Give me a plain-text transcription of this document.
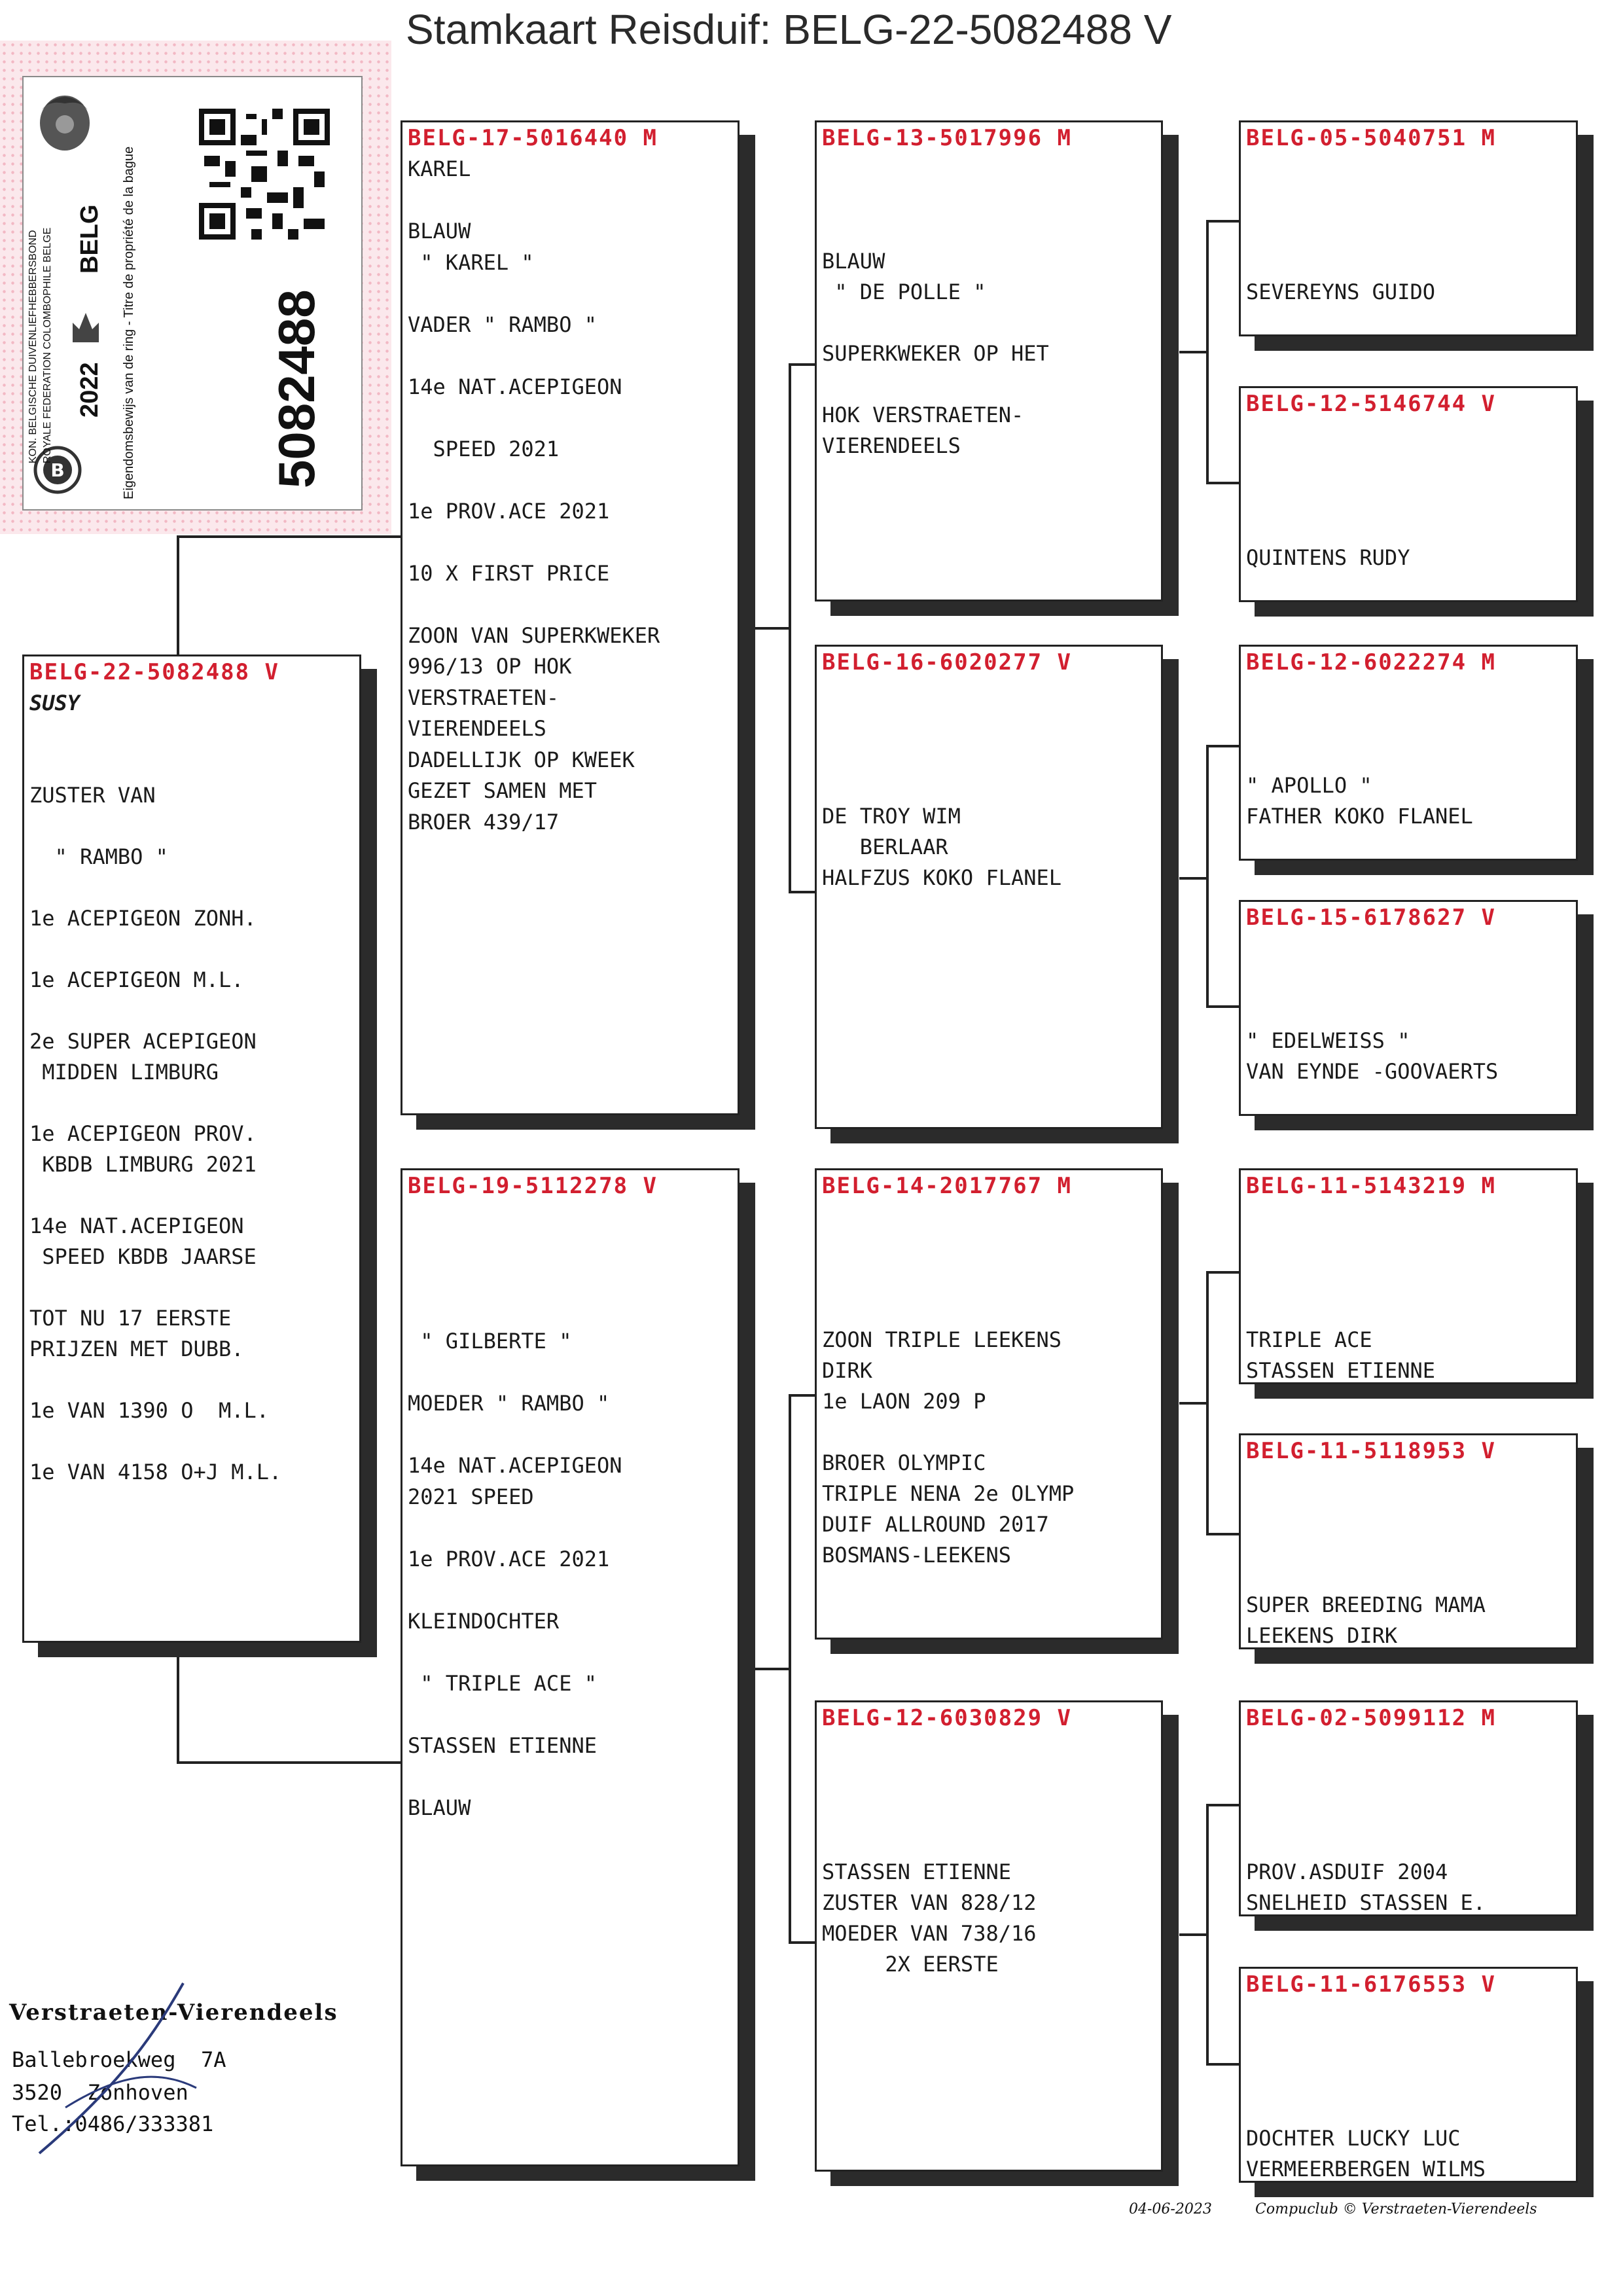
Stamkaart Reisduif: BELG-22-5082488 V
B
KON. BELGISCHE DUIVENLIEFHEBBERSBOND ROYALE FEDERATION COLOMBOPHILE BELGE 2022
BELG Eigendomsbewijs van de ring - Titre de propriété de la bague	5082488
BELG-22-5082488 V
SUSY
ZUSTER VAN
" RAMBO "
1e ACEPIGEON ZONH.
1e ACEPIGEON M.L.
2e SUPER ACEPIGEON
MIDDEN LIMBURG
1e ACEPIGEON PROV.
KBDB LIMBURG 2021
14e NAT.ACEPIGEON
SPEED KBDB JAARSE
TOT NU 17 EERSTE
PRIJZEN MET DUBB.
1e VAN 1390 O  M.L.
1e VAN 4158 O+J M.L.
BELG-17-5016440 M
KAREL
BLAUW
" KAREL "
VADER " RAMBO "
14e NAT.ACEPIGEON
SPEED 2021
1e PROV.ACE 2021
10 X FIRST PRICE
ZOON VAN SUPERKWEKER
996/13 OP HOK
VERSTRAETEN-
VIERENDEELS
DADELLIJK OP KWEEK
GEZET SAMEN MET
BROER 439/17
BELG-19-5112278 V
" GILBERTE "
MOEDER " RAMBO "
14e NAT.ACEPIGEON
2021 SPEED
1e PROV.ACE 2021
KLEINDOCHTER
" TRIPLE ACE "
STASSEN ETIENNE
BLAUW
BELG-13-5017996 M
BLAUW
" DE POLLE "
SUPERKWEKER OP HET
HOK VERSTRAETEN-
VIERENDEELS
BELG-16-6020277 V
DE TROY WIM
BERLAAR
HALFZUS KOKO FLANEL
BELG-14-2017767 M
ZOON TRIPLE LEEKENS
DIRK
1e LAON 209 P
BROER OLYMPIC
TRIPLE NENA 2e OLYMP
DUIF ALLROUND 2017
BOSMANS-LEEKENS
BELG-12-6030829 V
STASSEN ETIENNE
ZUSTER VAN 828/12
MOEDER VAN 738/16
2X EERSTE
BELG-05-5040751 M
SEVEREYNS GUIDO
BELG-12-5146744 V
QUINTENS RUDY
BELG-12-6022274 M
" APOLLO "
FATHER KOKO FLANEL
BELG-15-6178627 V
" EDELWEISS "
VAN EYNDE -GOOVAERTS
BELG-11-5143219 M
TRIPLE ACE
STASSEN ETIENNE
BELG-11-5118953 V
SUPER BREEDING MAMA
LEEKENS DIRK
BELG-02-5099112 M
PROV.ASDUIF 2004
SNELHEID STASSEN E.
BELG-11-6176553 V
DOCHTER LUCKY LUC
VERMEERBERGEN WILMS
Verstraeten-Vierendeels
Ballebroekweg  7A
3520  Zonhoven
Tel.:0486/333381
04-06-2023	Compuclub © Verstraeten-Vierendeels
